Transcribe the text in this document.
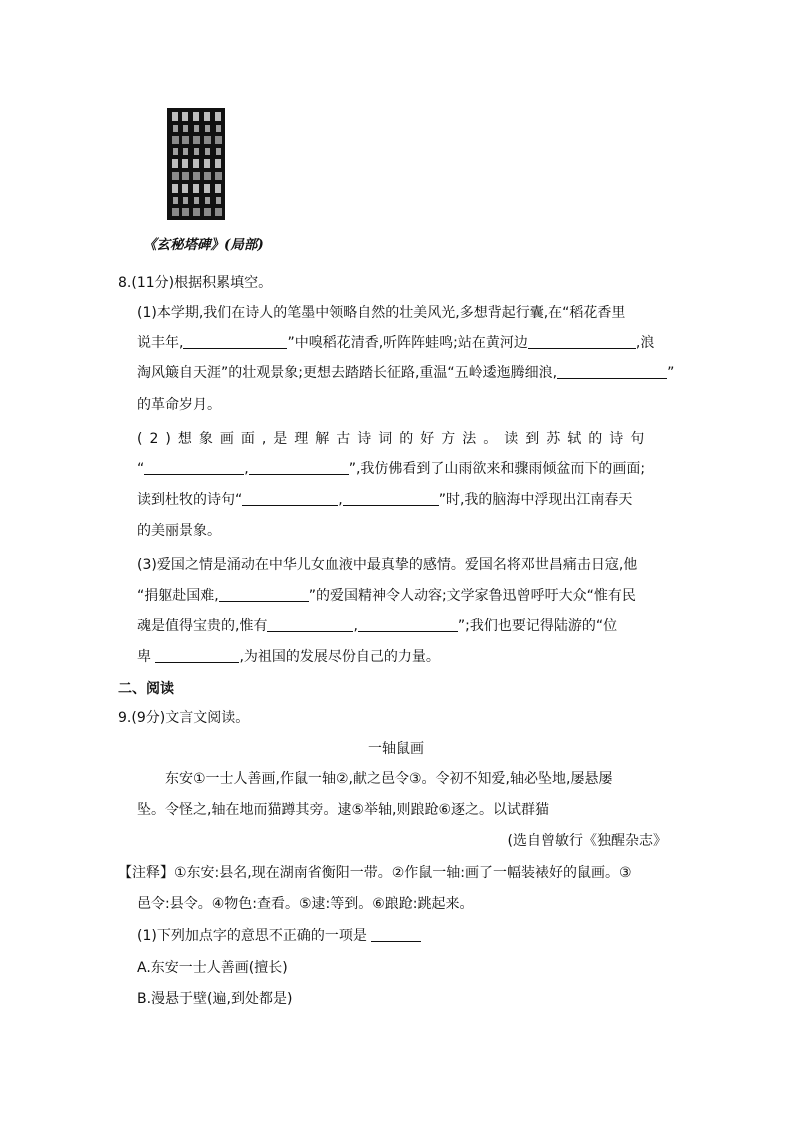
《玄秘塔碑》(局部)
8.(11分)根据积累填空。
(1)本学期,我们在诗人的笔墨中领略自然的壮美风光,多想背起行囊,在“稻花香里
说丰年,	”中嗅稻花清香,听阵阵蛙鸣;站在黄河边	,浪
淘风簸自天涯”的壮观景象;更想去踏踏长征路,重温“五岭逶迤腾细浪,	”
的革命岁月。
(2)想象画面,是理解古诗词的好方法。读到苏轼的诗句
“	,	”,我仿佛看到了山雨欲来和骤雨倾盆而下的画面;
读到杜牧的诗句“	,	”时,我的脑海中浮现出江南春天
的美丽景象。
(3)爱国之情是涌动在中华儿女血液中最真挚的感情。爱国名将邓世昌痛击日寇,他
“捐躯赴国难,	”的爱国精神令人动容;文学家鲁迅曾呼吁大众“惟有民
魂是值得宝贵的,惟有	,	”;我们也要记得陆游的“位
卑	,为祖国的发展尽份自己的力量。
二、阅读
9.(9分)文言文阅读。
一轴鼠画
东安①一士人善画,作鼠一轴②,献之邑令③。令初不知爱,轴必坠地,屡悬屡
坠。令怪之,轴在地而猫蹲其旁。逮⑤举轴,则踉跄⑥逐之。以试群猫
(选自曾敏行《独醒杂志》
【注释】①东安:县名,现在湖南省衡阳一带。②作鼠一轴:画了一幅装裱好的鼠画。③
邑令:县令。④物色:查看。⑤逮:等到。⑥踉跄:跳起来。
(1)下列加点字的意思不正确的一项是
A.东安一士人善画(擅长)
B.漫悬于壁(遍,到处都是)
